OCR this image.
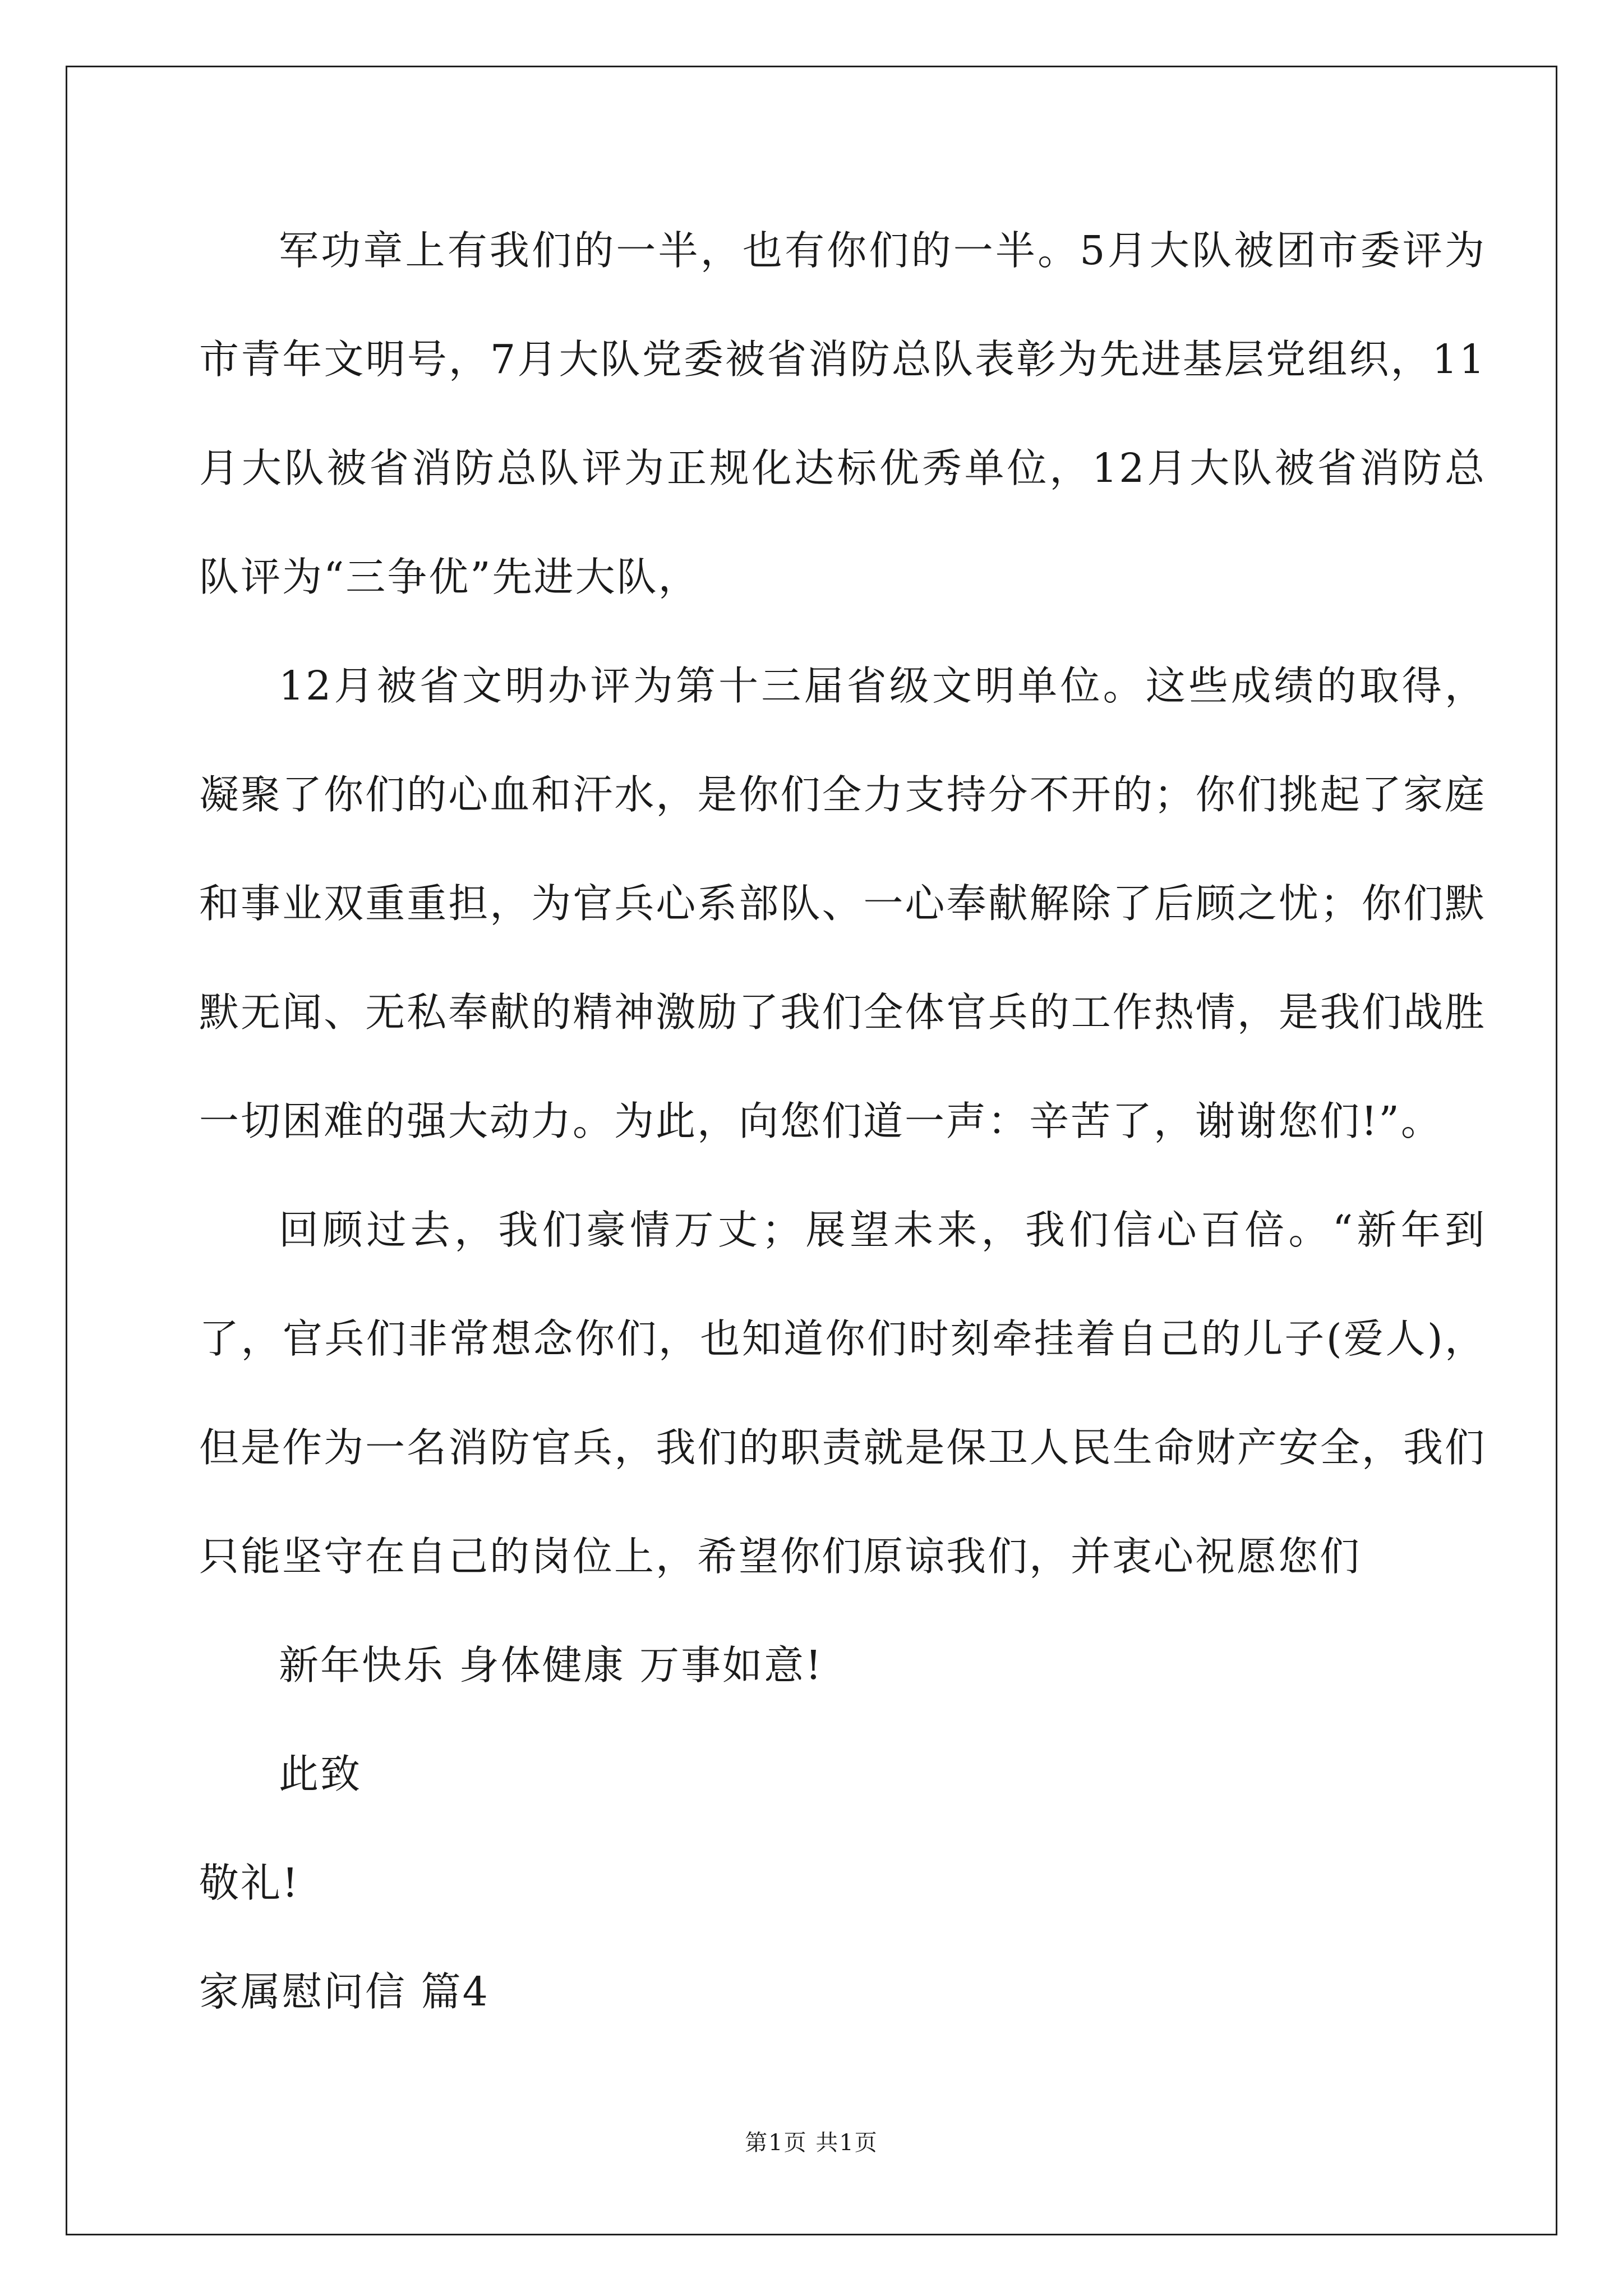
军功章上有我们的一半，也有你们的一半。5月大队被团市委评为市青年文明号，7月大队党委被省消防总队表彰为先进基层党组织，11月大队被省消防总队评为正规化达标优秀单位，12月大队被省消防总队评为“三争优”先进大队，

12月被省文明办评为第十三届省级文明单位。这些成绩的取得，凝聚了你们的心血和汗水，是你们全力支持分不开的；你们挑起了家庭和事业双重重担，为官兵心系部队、一心奉献解除了后顾之忧；你们默默无闻、无私奉献的精神激励了我们全体官兵的工作热情，是我们战胜一切困难的强大动力。为此，向您们道一声：辛苦了，谢谢您们!”。

回顾过去，我们豪情万丈；展望未来，我们信心百倍。“新年到了，官兵们非常想念你们，也知道你们时刻牵挂着自己的儿子(爱人)，但是作为一名消防官兵，我们的职责就是保卫人民生命财产安全，我们只能坚守在自己的岗位上，希望你们原谅我们，并衷心祝愿您们

新年快乐 身体健康 万事如意!

此致

敬礼!

家属慰问信 篇4

第1页 共1页
